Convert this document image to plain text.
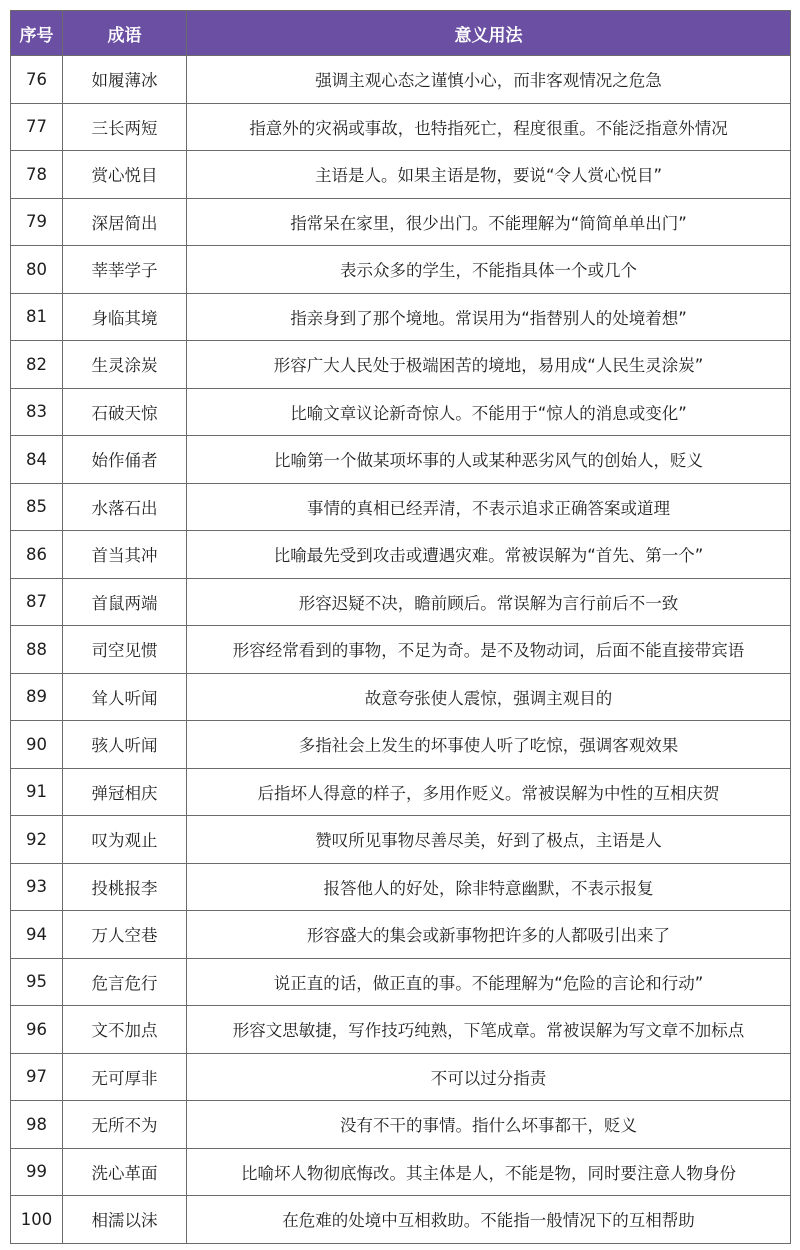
序号	成语	意义用法
76	如履薄冰	强调主观心态之谨慎小心，而非客观情况之危急
77	三长两短	指意外的灾祸或事故，也特指死亡，程度很重。不能泛指意外情况
78	赏心悦目	主语是人。如果主语是物，要说“令人赏心悦目”
79	深居简出	指常呆在家里，很少出门。不能理解为“简简单单出门”
80	莘莘学子	表示众多的学生，不能指具体一个或几个
81	身临其境	指亲身到了那个境地。常误用为“指替别人的处境着想”
82	生灵涂炭	形容广大人民处于极端困苦的境地，易用成“人民生灵涂炭”
83	石破天惊	比喻文章议论新奇惊人。不能用于“惊人的消息或变化”
84	始作俑者	比喻第一个做某项坏事的人或某种恶劣风气的创始人，贬义
85	水落石出	事情的真相已经弄清，不表示追求正确答案或道理
86	首当其冲	比喻最先受到攻击或遭遇灾难。常被误解为“首先、第一个”
87	首鼠两端	形容迟疑不决，瞻前顾后。常误解为言行前后不一致
88	司空见惯	形容经常看到的事物，不足为奇。是不及物动词，后面不能直接带宾语
89	耸人听闻	故意夸张使人震惊，强调主观目的
90	骇人听闻	多指社会上发生的坏事使人听了吃惊，强调客观效果
91	弹冠相庆	后指坏人得意的样子，多用作贬义。常被误解为中性的互相庆贺
92	叹为观止	赞叹所见事物尽善尽美，好到了极点，主语是人
93	投桃报李	报答他人的好处，除非特意幽默，不表示报复
94	万人空巷	形容盛大的集会或新事物把许多的人都吸引出来了
95	危言危行	说正直的话，做正直的事。不能理解为“危险的言论和行动”
96	文不加点	形容文思敏捷，写作技巧纯熟，下笔成章。常被误解为写文章不加标点
97	无可厚非	不可以过分指责
98	无所不为	没有不干的事情。指什么坏事都干，贬义
99	洗心革面	比喻坏人物彻底悔改。其主体是人，不能是物，同时要注意人物身份
100	相濡以沫	在危难的处境中互相救助。不能指一般情况下的互相帮助
